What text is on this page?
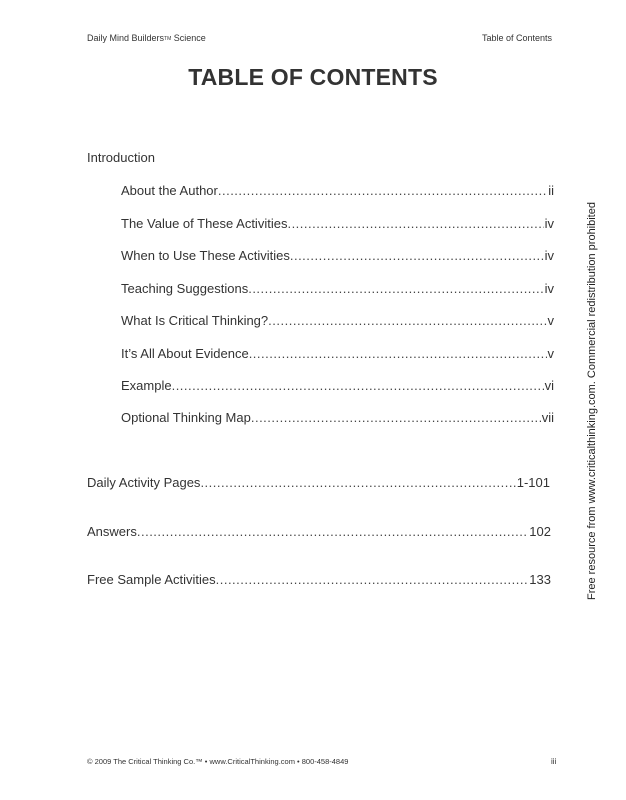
Daily Mind BuildersTM Science	Table of Contents
TABLE OF CONTENTS
Introduction
About the Author .....	ii
The Value of These Activities .....	iv
When to Use These Activities .....	iv
Teaching Suggestions .....	iv
What Is Critical Thinking? .....	v
It’s All About Evidence .....	v
Example .....	vi
Optional Thinking Map .....	vii
Daily Activity Pages .....	1-101
Answers .....	102
Free Sample Activities .....	133	Free resource from www.criticalthinking.com. Commercial redistribution prohibited
© 2009 The Critical Thinking Co.™ • www.CriticalThinking.com • 800-458-4849	iii
